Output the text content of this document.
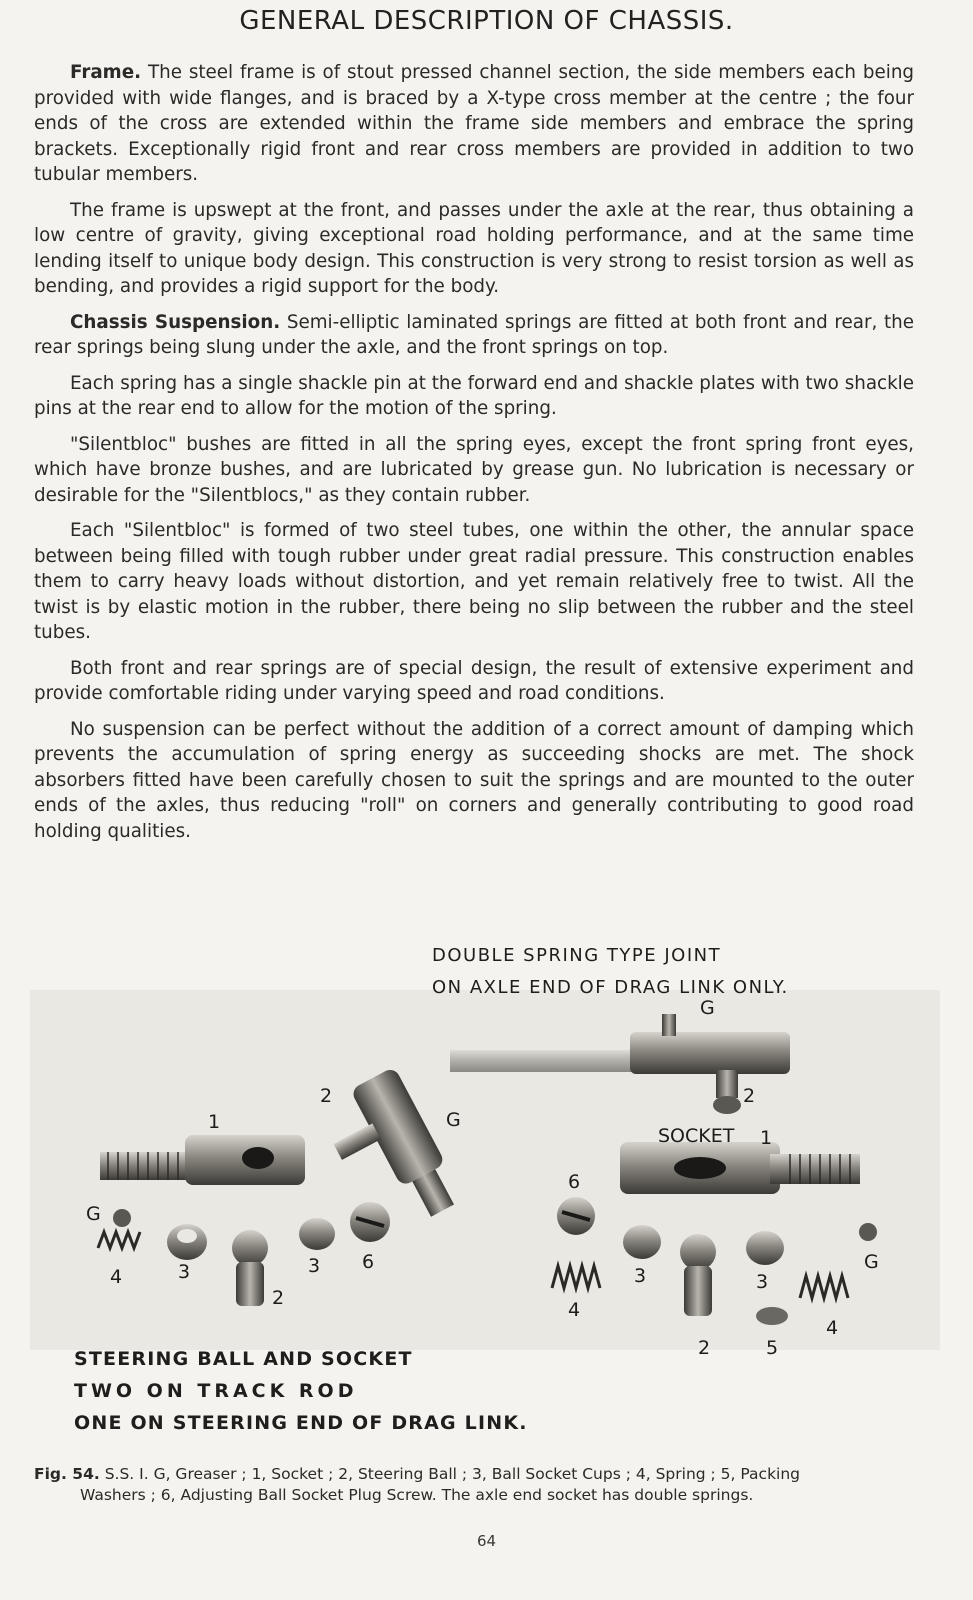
GENERAL DESCRIPTION OF CHASSIS.

Frame. The steel frame is of stout pressed channel section, the side members each being provided with wide flanges, and is braced by a X-type cross member at the centre ; the four ends of the cross are extended within the frame side members and embrace the spring brackets. Exceptionally rigid front and rear cross members are provided in addition to two tubular members.

The frame is upswept at the front, and passes under the axle at the rear, thus obtaining a low centre of gravity, giving exceptional road holding performance, and at the same time lending itself to unique body design. This construction is very strong to resist torsion as well as bending, and provides a rigid support for the body.

Chassis Suspension. Semi-elliptic laminated springs are fitted at both front and rear, the rear springs being slung under the axle, and the front springs on top.

Each spring has a single shackle pin at the forward end and shackle plates with two shackle pins at the rear end to allow for the motion of the spring.

"Silentbloc" bushes are fitted in all the spring eyes, except the front spring front eyes, which have bronze bushes, and are lubricated by grease gun. No lubrication is necessary or desirable for the "Silentblocs," as they contain rubber.

Each "Silentbloc" is formed of two steel tubes, one within the other, the annular space between being filled with tough rubber under great radial pressure. This construction enables them to carry heavy loads without distortion, and yet remain relatively free to twist. All the twist is by elastic motion in the rubber, there being no slip between the rubber and the steel tubes.

Both front and rear springs are of special design, the result of extensive experiment and provide comfortable riding under varying speed and road conditions.

No suspension can be perfect without the addition of a correct amount of damping which prevents the accumulation of spring energy as succeeding shocks are met. The shock absorbers fitted have been carefully chosen to suit the springs and are mounted to the outer ends of the axles, thus reducing "roll" on corners and generally contributing to good road holding qualities.

1
2
G
G
4	3
2
3 6
G
2
SOCKET 1
6
4
3
2
3
5
4
G
DOUBLE SPRING TYPE JOINT
ON AXLE END OF DRAG LINK ONLY.
STEERING BALL AND SOCKET
TWO ON TRACK ROD
ONE ON STEERING END OF DRAG LINK.
Fig. 54. S.S. I. G, Greaser ; 1, Socket ; 2, Steering Ball ; 3, Ball Socket Cups ; 4, Spring ; 5, Packing
Washers ; 6, Adjusting Ball Socket Plug Screw. The axle end socket has double springs.
64
